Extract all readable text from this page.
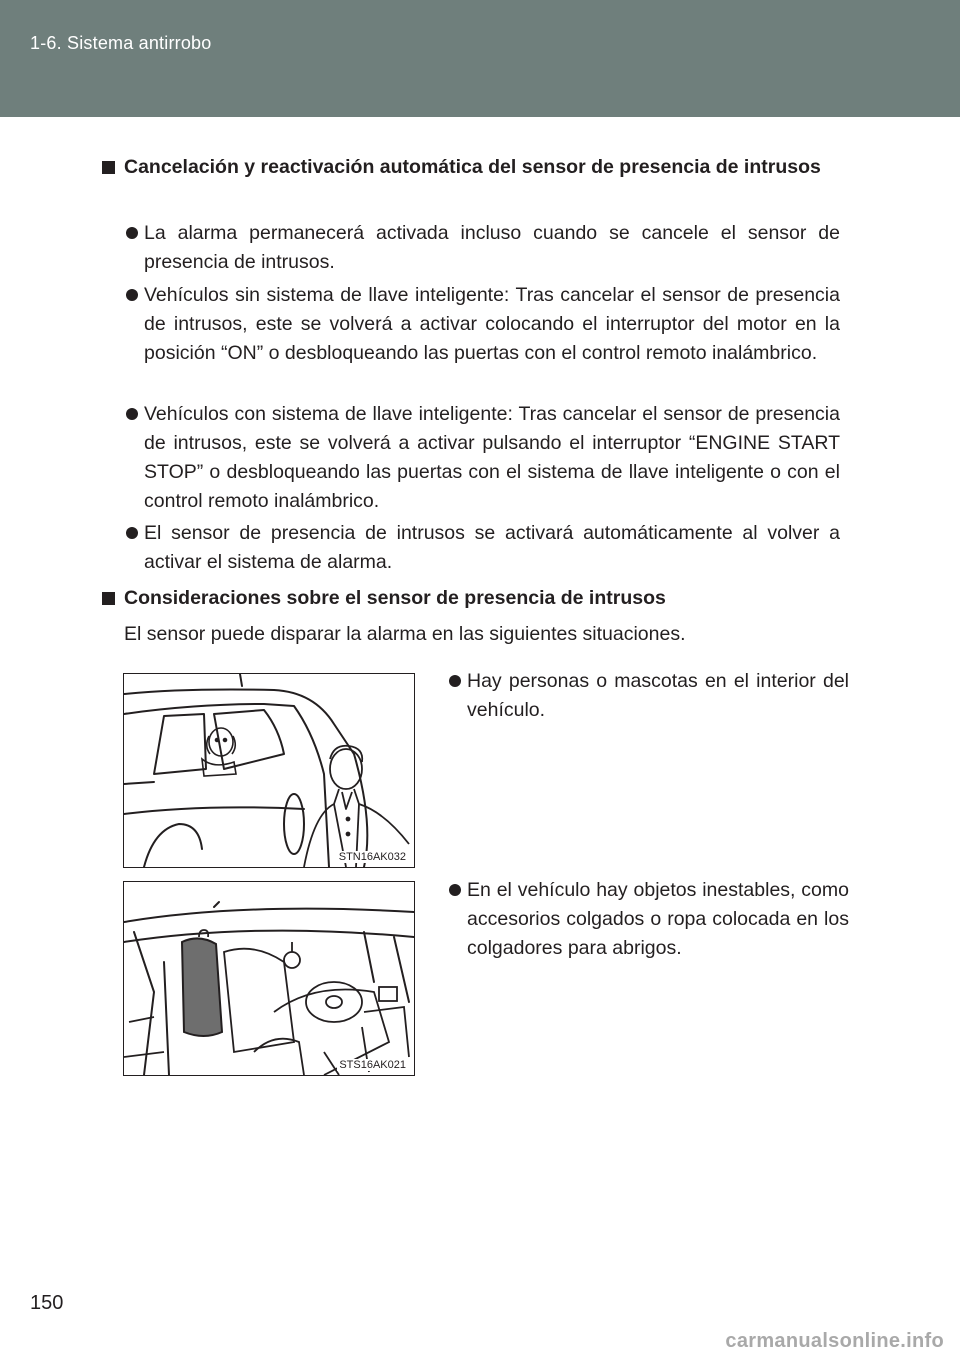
1-6. Sistema antirrobo
Cancelación y reactivación automática del sensor de presencia de intrusos
La alarma permanecerá activada incluso cuando se cancele el sensor de presencia de intrusos.
Vehículos sin sistema de llave inteligente: Tras cancelar el sensor de presencia de intrusos, este se volverá a activar colocando el interruptor del motor en la posición “ON” o desbloqueando las puertas con el control remoto inalámbrico.
Vehículos con sistema de llave inteligente: Tras cancelar el sensor de presencia de intrusos, este se volverá a activar pulsando el interruptor “ENGINE START STOP” o desbloqueando las puertas con el sistema de llave inteligente o con el control remoto inalámbrico.
El sensor de presencia de intrusos se activará automáticamente al volver a activar el sistema de alarma.
Consideraciones sobre el sensor de presencia de intrusos
El sensor puede disparar la alarma en las siguientes situaciones.
STN16AK032
Hay personas o mascotas en el interior del vehículo.
STS16AK021
En el vehículo hay objetos inestables, como accesorios colgados o ropa colocada en los colgadores para abrigos.
150
carmanualsonline.info
